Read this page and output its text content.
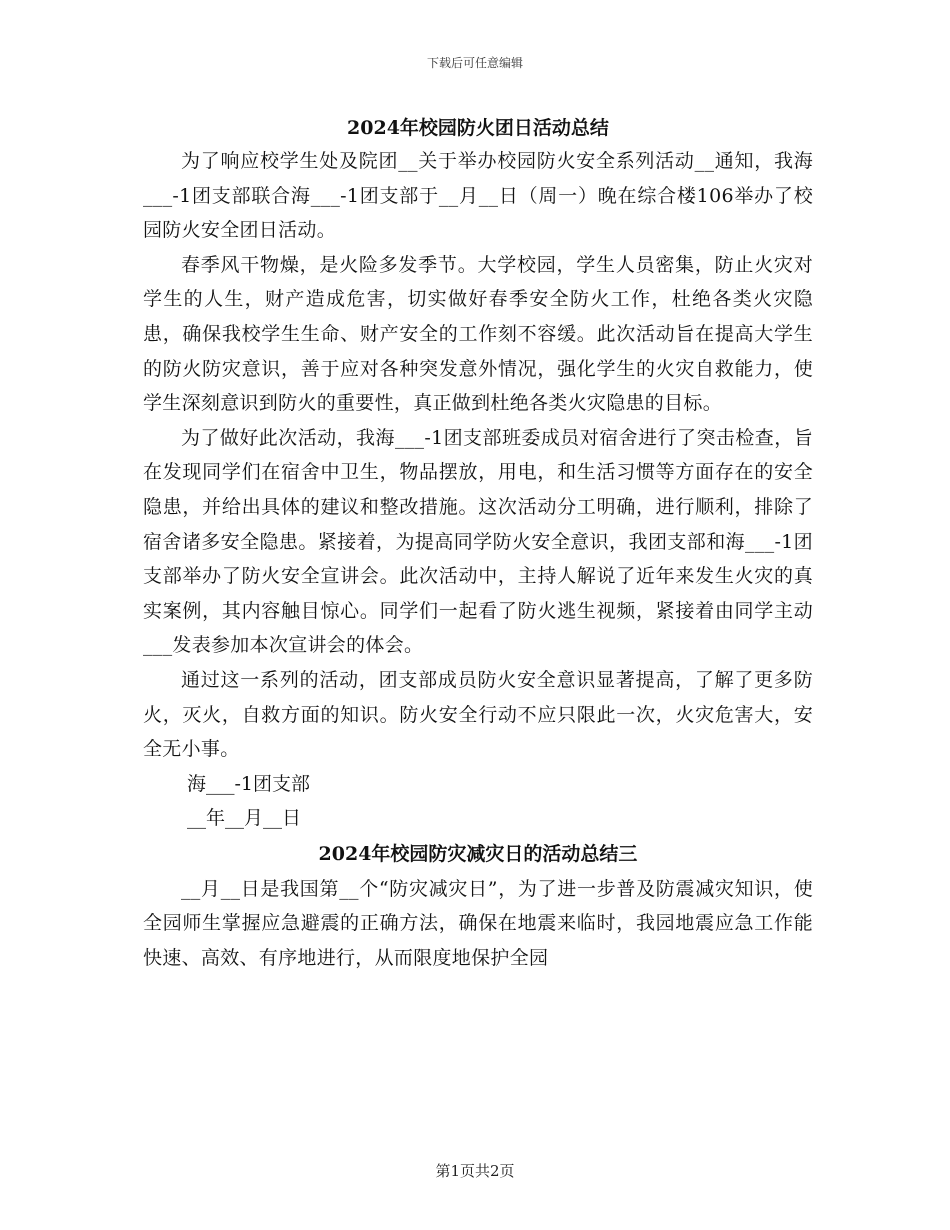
下载后可任意编辑
2024年校园防火团日活动总结

为了响应校学生处及院团__关于举办校园防火安全系列活动__通知，我海___-1团支部联合海___-1团支部于__月__日（周一）晚在综合楼106举办了校园防火安全团日活动。

春季风干物燥，是火险多发季节。大学校园，学生人员密集，防止火灾对学生的人生，财产造成危害，切实做好春季安全防火工作，杜绝各类火灾隐患，确保我校学生生命、财产安全的工作刻不容缓。此次活动旨在提高大学生的防火防灾意识，善于应对各种突发意外情况，强化学生的火灾自救能力，使学生深刻意识到防火的重要性，真正做到杜绝各类火灾隐患的目标。

为了做好此次活动，我海___-1团支部班委成员对宿舍进行了突击检查，旨在发现同学们在宿舍中卫生，物品摆放，用电，和生活习惯等方面存在的安全隐患，并给出具体的建议和整改措施。这次活动分工明确，进行顺利，排除了宿舍诸多安全隐患。紧接着，为提高同学防火安全意识，我团支部和海___-1团支部举办了防火安全宣讲会。此次活动中，主持人解说了近年来发生火灾的真实案例，其内容触目惊心。同学们一起看了防火逃生视频，紧接着由同学主动___发表参加本次宣讲会的体会。

通过这一系列的活动，团支部成员防火安全意识显著提高，了解了更多防火，灭火，自救方面的知识。防火安全行动不应只限此一次，火灾危害大，安全无小事。

海___-1团支部

__年__月__日

2024年校园防灾减灾日的活动总结三

__月__日是我国第__个“防灾减灾日”，为了进一步普及防震减灾知识，使全园师生掌握应急避震的正确方法，确保在地震来临时，我园地震应急工作能快速、高效、有序地进行，从而限度地保护全园

第1页共2页
